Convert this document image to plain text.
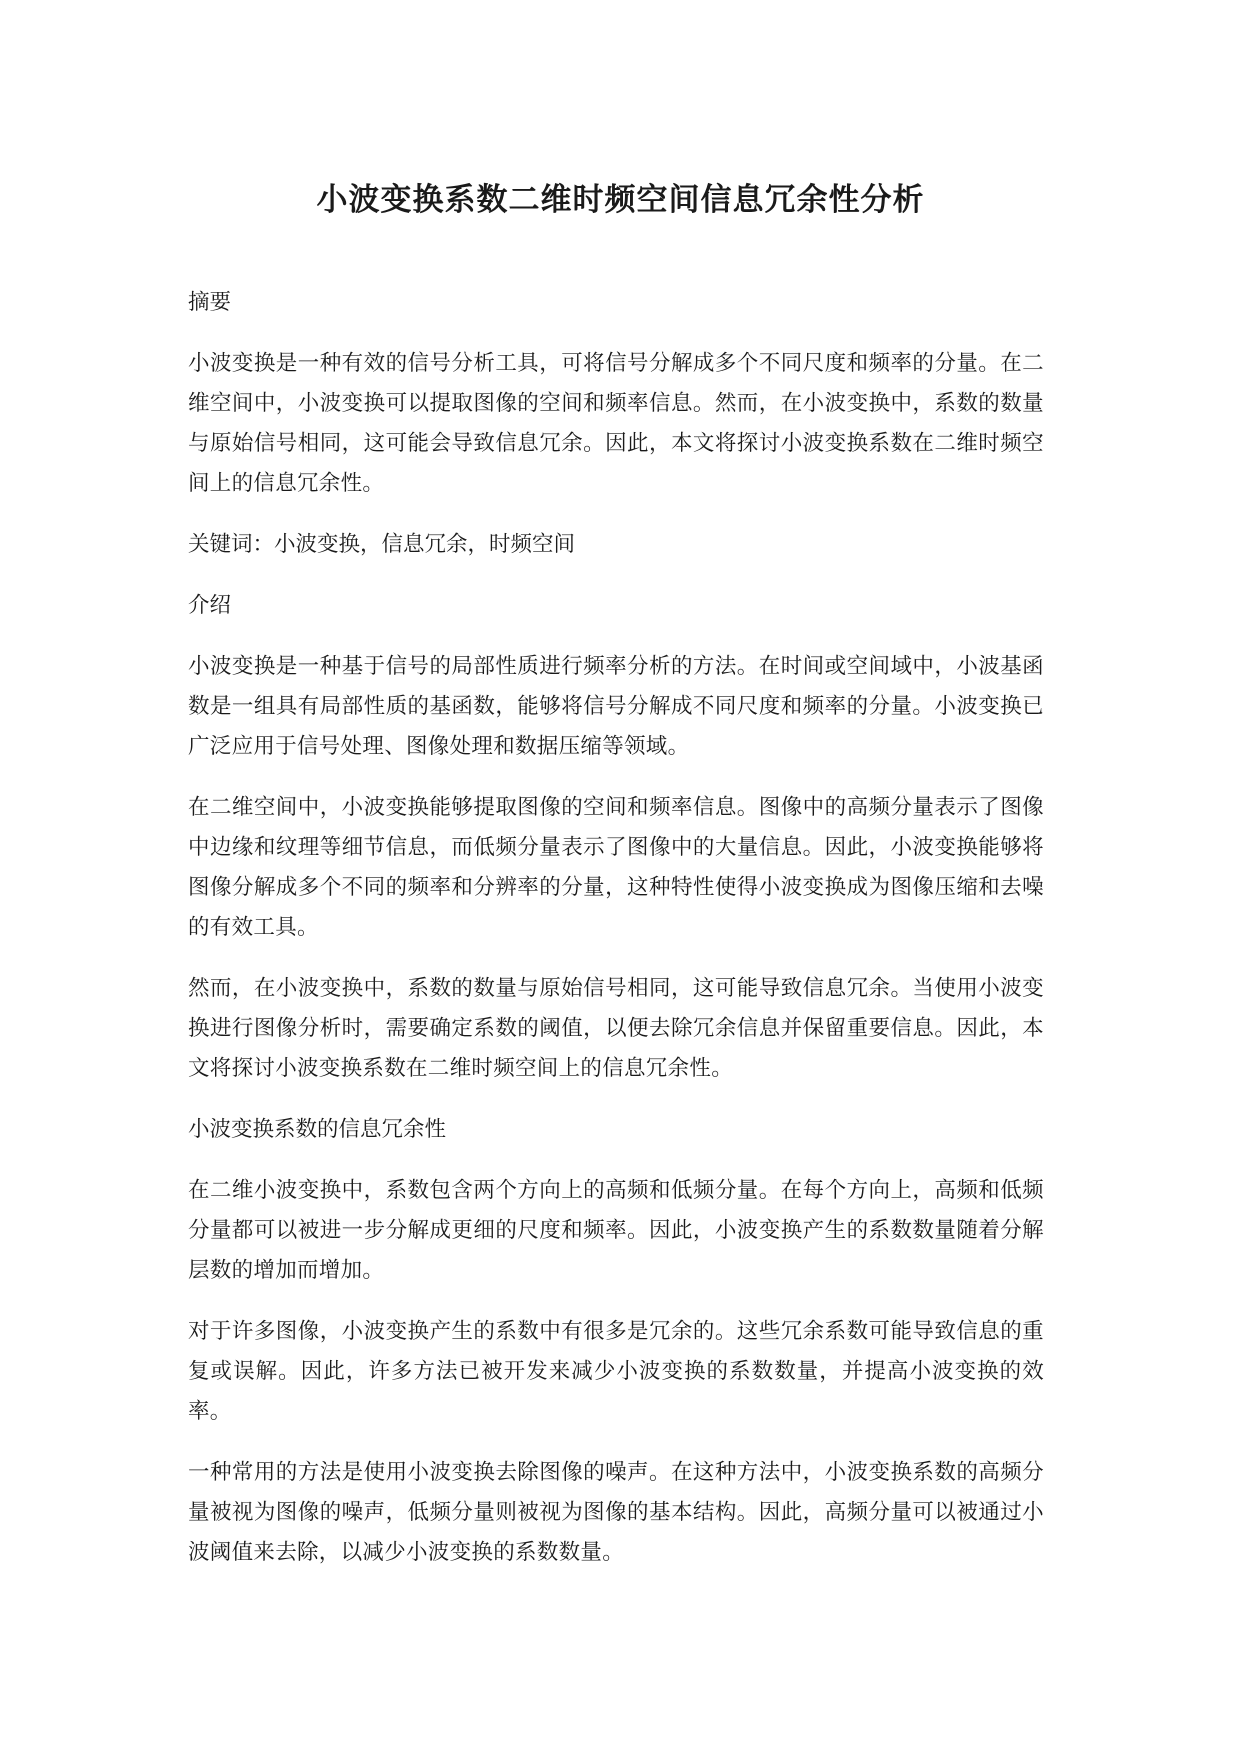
小波变换系数二维时频空间信息冗余性分析

摘要

小波变换是一种有效的信号分析工具，可将信号分解成多个不同尺度和频率的分量。在二维空间中，小波变换可以提取图像的空间和频率信息。然而，在小波变换中，系数的数量与原始信号相同，这可能会导致信息冗余。因此，本文将探讨小波变换系数在二维时频空间上的信息冗余性。

关键词：小波变换，信息冗余，时频空间

介绍

小波变换是一种基于信号的局部性质进行频率分析的方法。在时间或空间域中，小波基函数是一组具有局部性质的基函数，能够将信号分解成不同尺度和频率的分量。小波变换已广泛应用于信号处理、图像处理和数据压缩等领域。

在二维空间中，小波变换能够提取图像的空间和频率信息。图像中的高频分量表示了图像中边缘和纹理等细节信息，而低频分量表示了图像中的大量信息。因此，小波变换能够将图像分解成多个不同的频率和分辨率的分量，这种特性使得小波变换成为图像压缩和去噪的有效工具。

然而，在小波变换中，系数的数量与原始信号相同，这可能导致信息冗余。当使用小波变换进行图像分析时，需要确定系数的阈值，以便去除冗余信息并保留重要信息。因此，本文将探讨小波变换系数在二维时频空间上的信息冗余性。

小波变换系数的信息冗余性

在二维小波变换中，系数包含两个方向上的高频和低频分量。在每个方向上，高频和低频分量都可以被进一步分解成更细的尺度和频率。因此，小波变换产生的系数数量随着分解层数的增加而增加。

对于许多图像，小波变换产生的系数中有很多是冗余的。这些冗余系数可能导致信息的重复或误解。因此，许多方法已被开发来减少小波变换的系数数量，并提高小波变换的效率。

一种常用的方法是使用小波变换去除图像的噪声。在这种方法中，小波变换系数的高频分量被视为图像的噪声，低频分量则被视为图像的基本结构。因此，高频分量可以被通过小波阈值来去除，以减少小波变换的系数数量。
